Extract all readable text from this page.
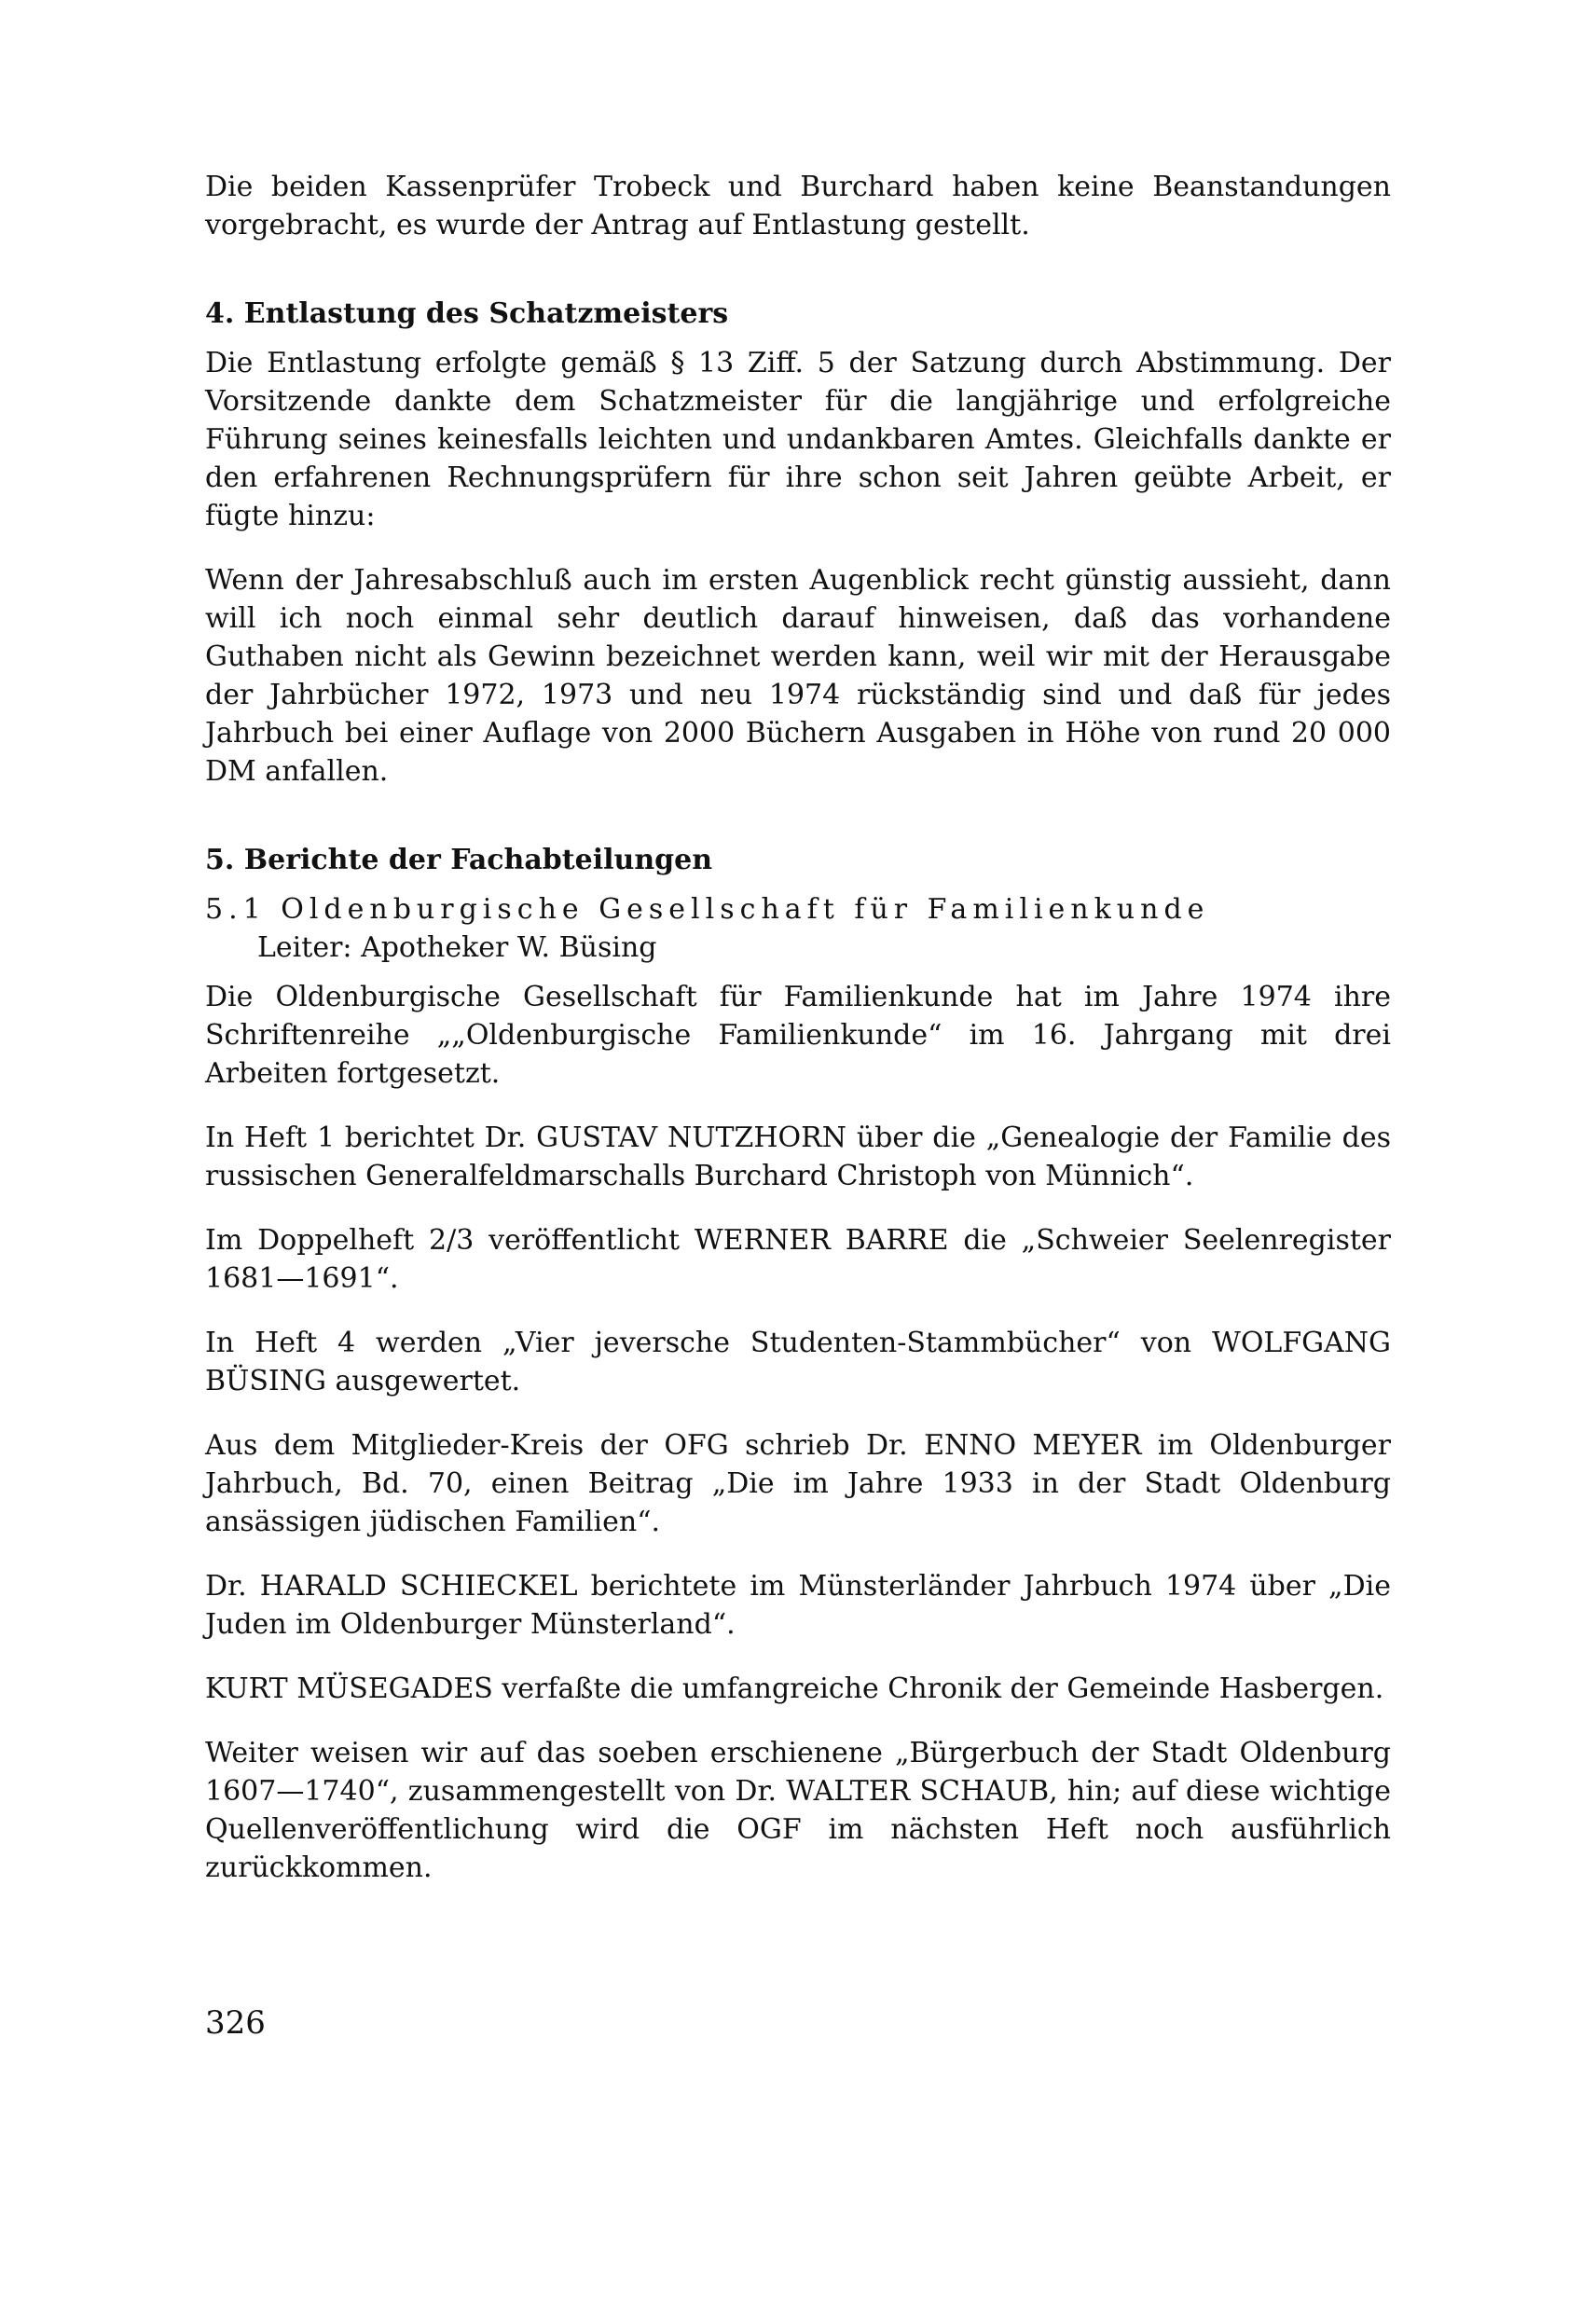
Die beiden Kassenprüfer Trobeck und Burchard haben keine Beanstandungen vorgebracht, es wurde der Antrag auf Entlastung gestellt.

4. Entlastung des Schatzmeisters

Die Entlastung erfolgte gemäß § 13 Ziff. 5 der Satzung durch Abstimmung. Der Vorsitzende dankte dem Schatzmeister für die langjährige und erfolgreiche Führung seines keinesfalls leichten und undankbaren Amtes. Gleichfalls dankte er den erfahrenen Rechnungsprüfern für ihre schon seit Jahren geübte Arbeit, er fügte hinzu:

Wenn der Jahresabschluß auch im ersten Augenblick recht günstig aussieht, dann will ich noch einmal sehr deutlich darauf hinweisen, daß das vorhandene Guthaben nicht als Gewinn bezeichnet werden kann, weil wir mit der Herausgabe der Jahrbücher 1972, 1973 und neu 1974 rückständig sind und daß für jedes Jahrbuch bei einer Auflage von 2000 Büchern Ausgaben in Höhe von rund 20 000 DM anfallen.

5. Berichte der Fachabteilungen
5.1 Oldenburgische Gesellschaft für Familienkunde
Leiter: Apotheker W. Büsing

Die Oldenburgische Gesellschaft für Familienkunde hat im Jahre 1974 ihre Schriftenreihe „„Oldenburgische Familienkunde“ im 16. Jahrgang mit drei Arbeiten fortgesetzt.

In Heft 1 berichtet Dr. GUSTAV NUTZHORN über die „Genealogie der Familie des russischen Generalfeldmarschalls Burchard Christoph von Münnich“.

Im Doppelheft 2/3 veröffentlicht WERNER BARRE die „Schweier Seelenregister 1681—1691“.

In Heft 4 werden „Vier jeversche Studenten-Stammbücher“ von WOLFGANG BÜSING ausgewertet.

Aus dem Mitglieder-Kreis der OFG schrieb Dr. ENNO MEYER im Oldenburger Jahrbuch, Bd. 70, einen Beitrag „Die im Jahre 1933 in der Stadt Oldenburg ansässigen jüdischen Familien“.

Dr. HARALD SCHIECKEL berichtete im Münsterländer Jahrbuch 1974 über „Die Juden im Oldenburger Münsterland“.

KURT MÜSEGADES verfaßte die umfangreiche Chronik der Gemeinde Hasbergen.

Weiter weisen wir auf das soeben erschienene „Bürgerbuch der Stadt Oldenburg 1607—1740“, zusammengestellt von Dr. WALTER SCHAUB, hin; auf diese wichtige Quellenveröffentlichung wird die OGF im nächsten Heft noch ausführlich zurückkommen.

326
